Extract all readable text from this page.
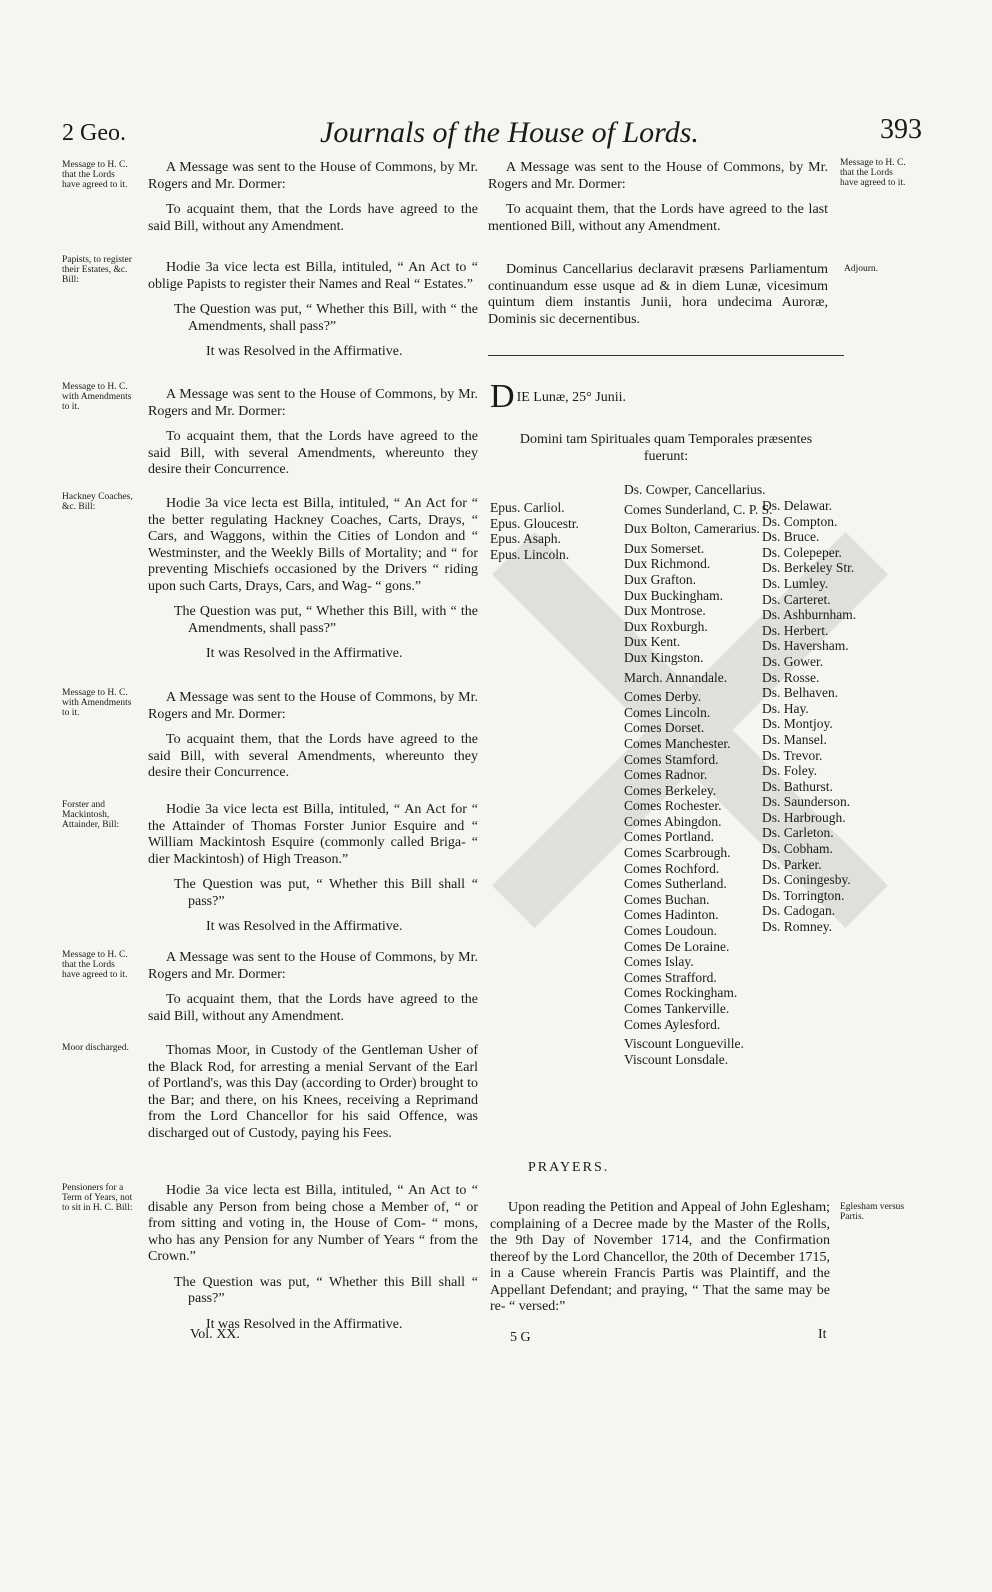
2 Geo.	Journals of the House of Lords.	393
Message to H. C. that the Lords have agreed to it.

A Message was sent to the House of Commons, by Mr. Rogers and Mr. Dormer:

To acquaint them, that the Lords have agreed to the said Bill, without any Amendment.

Papists, to register their Estates, &c. Bill:

Hodie 3a vice lecta est Billa, intituled, “ An Act to “ oblige Papists to register their Names and Real “ Estates.”

The Question was put, “ Whether this Bill, with “ the Amendments, shall pass?”

It was Resolved in the Affirmative.

Message to H. C. with Amendments to it.

A Message was sent to the House of Commons, by Mr. Rogers and Mr. Dormer:

To acquaint them, that the Lords have agreed to the said Bill, with several Amendments, whereunto they desire their Concurrence.

Hackney Coaches, &c. Bill:	Hodie 3a vice lecta est Billa, intituled, “ An Act for “ the better regulating Hackney Coaches, Carts, Drays, “ Cars, and Waggons, within the Cities of London and “ Westminster, and the Weekly Bills of Mortality; and “ for preventing Mischiefs occasioned by the Drivers “ riding upon such Carts, Drays, Cars, and Wag- “ gons.”

The Question was put, “ Whether this Bill, with “ the Amendments, shall pass?”

It was Resolved in the Affirmative.

Message to H. C. with Amendments to it.

A Message was sent to the House of Commons, by Mr. Rogers and Mr. Dormer:

To acquaint them, that the Lords have agreed to the said Bill, with several Amendments, whereunto they desire their Concurrence.

Forster and Mackintosh, Attainder, Bill:

Hodie 3a vice lecta est Billa, intituled, “ An Act for “ the Attainder of Thomas Forster Junior Esquire and “ William Mackintosh Esquire (commonly called Briga- “ dier Mackintosh) of High Treason.”

The Question was put, “ Whether this Bill shall “ pass?”

It was Resolved in the Affirmative.

Message to H. C. that the Lords have agreed to it.

A Message was sent to the House of Commons, by Mr. Rogers and Mr. Dormer:

To acquaint them, that the Lords have agreed to the said Bill, without any Amendment.

Moor discharged.	Thomas Moor, in Custody of the Gentleman Usher of the Black Rod, for arresting a menial Servant of the Earl of Portland's, was this Day (according to Order) brought to the Bar; and there, on his Knees, receiving a Reprimand from the Lord Chancellor for his said Offence, was discharged out of Custody, paying his Fees.

Pensioners for a Term of Years, not to sit in H. C. Bill:

Hodie 3a vice lecta est Billa, intituled, “ An Act to “ disable any Person from being chose a Member of, “ or from sitting and voting in, the House of Com- “ mons, who has any Pension for any Number of Years “ from the Crown.”

The Question was put, “ Whether this Bill shall “ pass?”

It was Resolved in the Affirmative.

Vol. XX.

A Message was sent to the House of Commons, by Mr. Rogers and Mr. Dormer:

To acquaint them, that the Lords have agreed to the last mentioned Bill, without any Amendment.

Message to H. C. that the Lords have agreed to it.

Dominus Cancellarius declaravit præsens Parliamentum continuandum esse usque ad & in diem Lunæ, vicesimum quintum diem instantis Junii, hora undecima Auroræ, Dominis sic decernentibus.

Adjourn.
DIE Lunæ, 25° Junii.

Domini tam Spirituales quam Temporales præsentes fuerunt:

Epus. Carliol.
Epus. Gloucestr.
Epus. Asaph.
Epus. Lincoln.
Ds. Cowper, Cancellarius.
Comes Sunderland, C. P. S.
Dux Bolton, Camerarius.
Dux Somerset.
Dux Richmond.
Dux Grafton.
Dux Buckingham.
Dux Montrose.
Dux Roxburgh.
Dux Kent.
Dux Kingston.
March. Annandale.
Comes Derby.
Comes Lincoln.
Comes Dorset.
Comes Manchester.
Comes Stamford.
Comes Radnor.
Comes Berkeley.
Comes Rochester.
Comes Abingdon.
Comes Portland.
Comes Scarbrough.
Comes Rochford.
Comes Sutherland.
Comes Buchan.
Comes Hadinton.
Comes Loudoun.
Comes De Loraine.
Comes Islay.
Comes Strafford.
Comes Rockingham.
Comes Tankerville.
Comes Aylesford.
Viscount Longueville.
Viscount Lonsdale.
Ds. Delawar.
Ds. Compton.
Ds. Bruce.
Ds. Colepeper.
Ds. Berkeley Str.
Ds. Lumley.
Ds. Carteret.
Ds. Ashburnham.
Ds. Herbert.
Ds. Haversham.
Ds. Gower.
Ds. Rosse.
Ds. Belhaven.
Ds. Hay.
Ds. Montjoy.
Ds. Mansel.
Ds. Trevor.
Ds. Foley.
Ds. Bathurst.
Ds. Saunderson.
Ds. Harbrough.
Ds. Carleton.
Ds. Cobham.
Ds. Parker.
Ds. Coningesby.
Ds. Torrington.
Ds. Cadogan.
Ds. Romney.
PRAYERS.

Upon reading the Petition and Appeal of John Eglesham; complaining of a Decree made by the Master of the Rolls, the 9th Day of November 1714, and the Confirmation thereof by the Lord Chancellor, the 20th of December 1715, in a Cause wherein Francis Partis was Plaintiff, and the Appellant Defendant; and praying, “ That the same may be re- “ versed:”

Eglesham versus Partis.
5 G	It
